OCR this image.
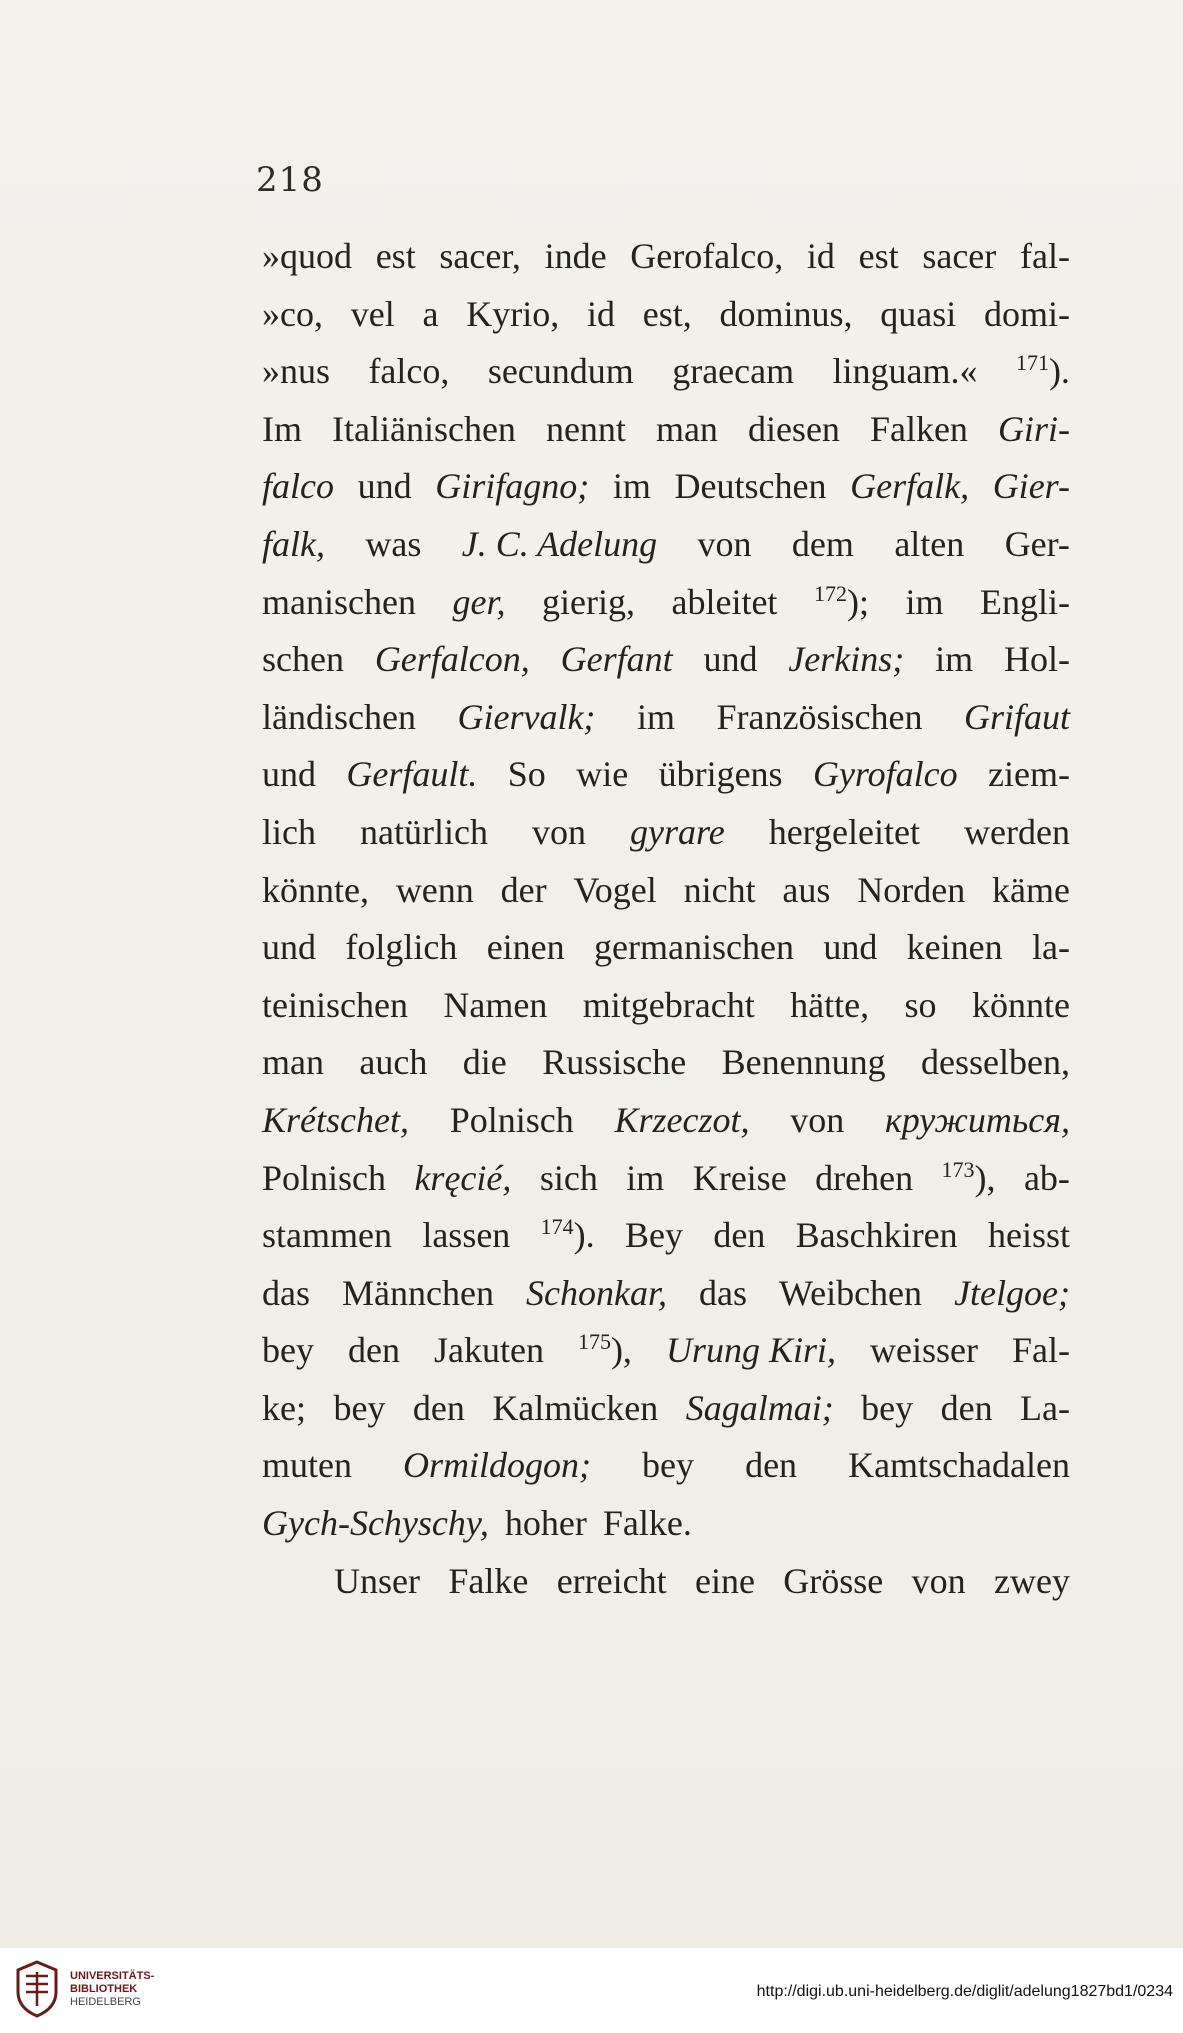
218
»quod est sacer, inde Gerofalco, id est sacer fal-
»co, vel a Kyrio, id est, dominus, quasi domi-
»nus falco, secundum graecam linguam.« $^{171}$).
Im Italiänischen nennt man diesen Falken Giri-
falco und Girifagno; im Deutschen Gerfalk, Gier-
falk, was J. C. Adelung von dem alten Ger-
manischen ger, gierig, ableitet $^{172}$); im Engli-
schen Gerfalcon, Gerfant und Jerkins; im Hol-
ländischen Giervalk; im Französischen Grifaut
und Gerfault. So wie übrigens Gyrofalco ziem-
lich natürlich von gyrare hergeleitet werden
könnte, wenn der Vogel nicht aus Norden käme
und folglich einen germanischen und keinen la-
teinischen Namen mitgebracht hätte, so könnte
man auch die Russische Benennung desselben,
Krétschet, Polnisch Krzeczot, von кружиться,
Polnisch kręcié, sich im Kreise drehen $^{173}$), ab-
stammen lassen $^{174}$). Bey den Baschkiren heisst
das Männchen Schonkar, das Weibchen Jtelgoe;
bey den Jakuten $^{175}$), Urung Kiri, weisser Fal-
ke; bey den Kalmücken Sagalmai; bey den La-
muten Ormildogon; bey den Kamtschadalen
Gych-Schyschy, hoher Falke.
Unser Falke erreicht eine Grösse von zwey
UNIVERSITÄTS-
BIBLIOTHEK
HEIDELBERG
http://digi.ub.uni-heidelberg.de/diglit/adelung1827bd1/0234
